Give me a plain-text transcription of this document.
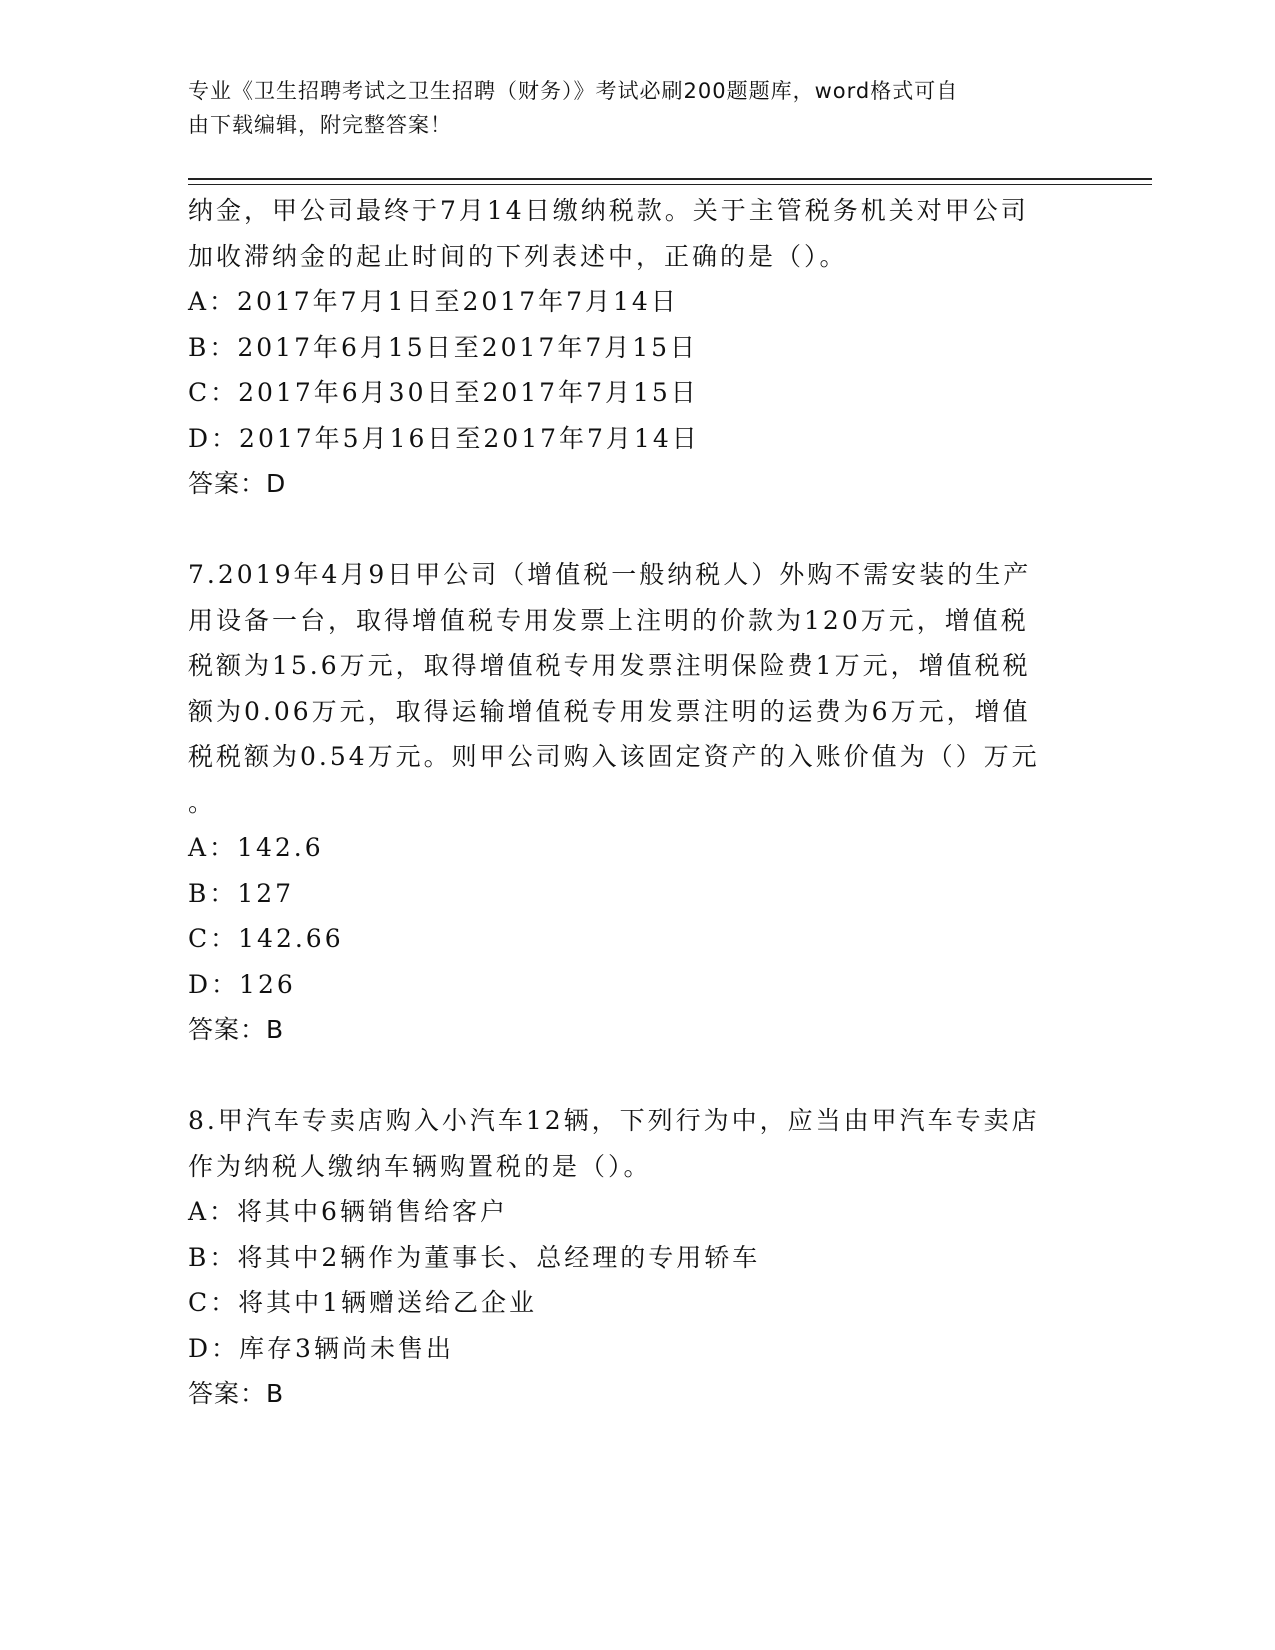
专业《卫生招聘考试之卫生招聘（财务）》考试必刷200题题库，word格式可自
由下载编辑，附完整答案！
纳金，甲公司最终于7月14日缴纳税款。关于主管税务机关对甲公司
加收滞纳金的起止时间的下列表述中，正确的是（）。
A：2017年7月1日至2017年7月14日
B：2017年6月15日至2017年7月15日
C：2017年6月30日至2017年7月15日
D：2017年5月16日至2017年7月14日
答案：D
7.2019年4月9日甲公司（增值税一般纳税人）外购不需安装的生产
用设备一台，取得增值税专用发票上注明的价款为120万元，增值税
税额为15.6万元，取得增值税专用发票注明保险费1万元，增值税税
额为0.06万元，取得运输增值税专用发票注明的运费为6万元，增值
税税额为0.54万元。则甲公司购入该固定资产的入账价值为（）万元
。
A：142.6
B：127
C：142.66
D：126
答案：B
8.甲汽车专卖店购入小汽车12辆，下列行为中，应当由甲汽车专卖店
作为纳税人缴纳车辆购置税的是（）。
A：将其中6辆销售给客户
B：将其中2辆作为董事长、总经理的专用轿车
C：将其中1辆赠送给乙企业
D：库存3辆尚未售出
答案：B
